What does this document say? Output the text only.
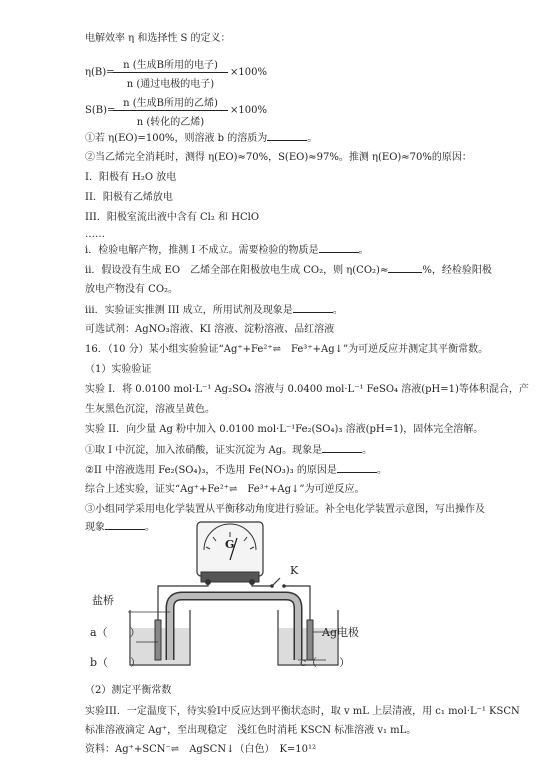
电解效率 η 和选择性 S 的定义：
η(B)=
n (生成B所用的电子)
n (通过电极的电子)
×100%
S(B)=
n (生成B所用的乙烯)
n (转化的乙烯)
×100%
①若 η(EO)=100%，则溶液 b 的溶质为	。
②当乙烯完全消耗时，测得 η(EO)≈70%，S(EO)≈97%。推测 η(EO)≈70%的原因：
I．阳极有 H₂O 放电
II．阳极有乙烯放电
III．阳极室流出液中含有 Cl₂ 和 HClO
……
i．检验电解产物，推测 I 不成立。需要检验的物质是	。
ii．假设没有生成 EO　乙烯全部在阳极放电生成 CO₂，则 η(CO₂)≈	%，经检验阳极
放电产物没有 CO₂。
iii．实验证实推测 III 成立，所用试剂及现象是	。
可选试剂：AgNO₃溶液、KI 溶液、淀粉溶液、品红溶液
16．（10 分）某小组实验验证“Ag⁺+Fe²⁺⇌　Fe³⁺+Ag↓”为可逆反应并测定其平衡常数。
（1）实验验证
实验 I．将 0.0100 mol·L⁻¹ Ag₂SO₄ 溶液与 0.0400 mol·L⁻¹ FeSO₄ 溶液(pH=1)等体积混合，产
生灰黑色沉淀，溶液呈黄色。
实验 II．向少量 Ag 粉中加入 0.0100 mol·L⁻¹Fe₂(SO₄)₃ 溶液(pH=1)，固体完全溶解。
①取 I 中沉淀，加入浓硝酸，证实沉淀为 Ag。现象是	。
②II 中溶液选用 Fe₂(SO₄)₃，不选用 Fe(NO₃)₃ 的原因是	。
综合上述实验，证实“Ag⁺+Fe²⁺⇌　Fe³⁺+Ag↓”为可逆反应。
③小组同学采用电化学装置从平衡移动角度进行验证。补全电化学装置示意图，写出操作及
现象	。
G
K
盐桥
Ag电极
a（　　）
b（　　）	c（　　）
（2）测定平衡常数
实验III．一定温度下，待实验I中反应达到平衡状态时，取 v mL 上层清液，用 c₁ mol·L⁻¹ KSCN
标准溶液滴定 Ag⁺，至出现稳定　浅红色时消耗 KSCN 标准溶液 v₁ mL。
资料：Ag⁺+SCN⁻⇌　AgSCN↓（白色）　K=10¹²
